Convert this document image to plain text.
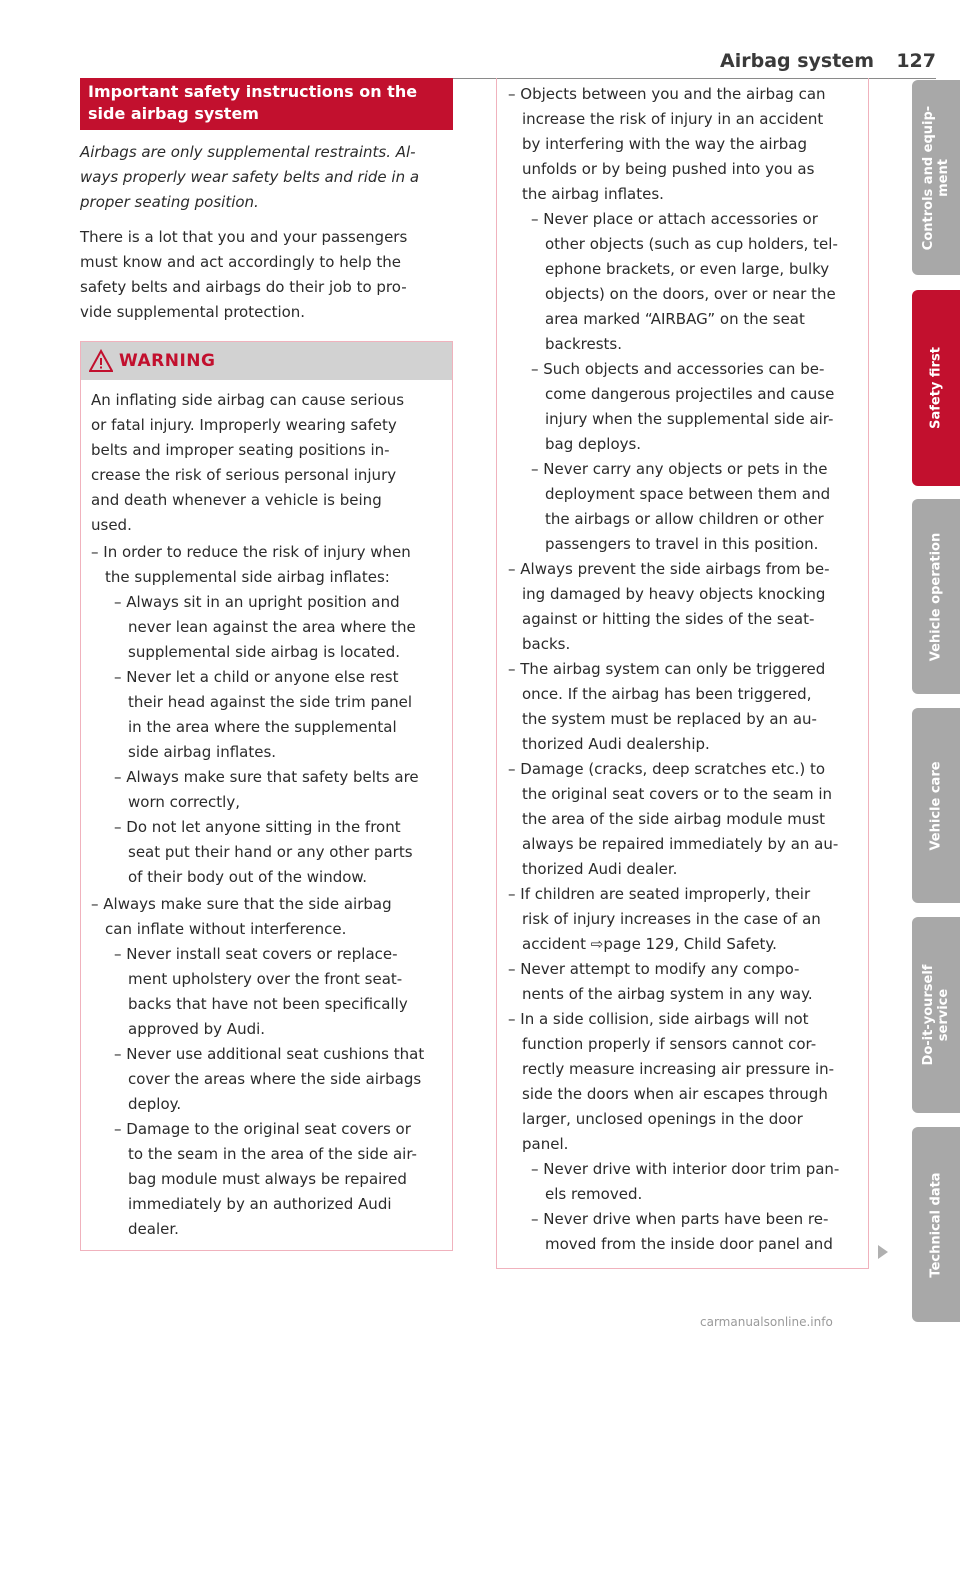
Airbag system 127
Important safety instructions on the
side airbag system
Airbags are only supplemental restraints. Al-
ways properly wear safety belts and ride in a
proper seating position.
There is a lot that you and your passengers
must know and act accordingly to help the
safety belts and airbags do their job to pro-
vide supplemental protection.
WARNING
An inflating side airbag can cause serious
or fatal injury. Improperly wearing safety
belts and improper seating positions in-
crease the risk of serious personal injury
and death whenever a vehicle is being
used.
– In order to reduce the risk of injury when
the supplemental side airbag inflates:
– Always sit in an upright position and
never lean against the area where the
supplemental side airbag is located.
– Never let a child or anyone else rest
their head against the side trim panel
in the area where the supplemental
side airbag inflates.
– Always make sure that safety belts are
worn correctly,
– Do not let anyone sitting in the front
seat put their hand or any other parts
of their body out of the window.
– Always make sure that the side airbag
can inflate without interference.
– Never install seat covers or replace-
ment upholstery over the front seat-
backs that have not been specifically
approved by Audi.
– Never use additional seat cushions that
cover the areas where the side airbags
deploy.
– Damage to the original seat covers or
to the seam in the area of the side air-
bag module must always be repaired
immediately by an authorized Audi
dealer.
– Objects between you and the airbag can
increase the risk of injury in an accident
by interfering with the way the airbag
unfolds or by being pushed into you as
the airbag inflates.
– Never place or attach accessories or
other objects (such as cup holders, tel-
ephone brackets, or even large, bulky
objects) on the doors, over or near the
area marked “AIRBAG” on the seat
backrests.
– Such objects and accessories can be-
come dangerous projectiles and cause
injury when the supplemental side air-
bag deploys.
– Never carry any objects or pets in the
deployment space between them and
the airbags or allow children or other
passengers to travel in this position.
– Always prevent the side airbags from be-
ing damaged by heavy objects knocking
against or hitting the sides of the seat-
backs.
– The airbag system can only be triggered
once. If the airbag has been triggered,
the system must be replaced by an au-
thorized Audi dealership.
– Damage (cracks, deep scratches etc.) to
the original seat covers or to the seam in
the area of the side airbag module must
always be repaired immediately by an au-
thorized Audi dealer.
– If children are seated improperly, their
risk of injury increases in the case of an
accident ⇨page 129, Child Safety.
– Never attempt to modify any compo-
nents of the airbag system in any way.
– In a side collision, side airbags will not
function properly if sensors cannot cor-
rectly measure increasing air pressure in-
side the doors when air escapes through
larger, unclosed openings in the door
panel.
– Never drive with interior door trim pan-
els removed.
– Never drive when parts have been re-
moved from the inside door panel and
Controls and equip- ment
Safety first
Vehicle operation
Vehicle care
Do-it-yourself service
Technical data
carmanualsonline.info
